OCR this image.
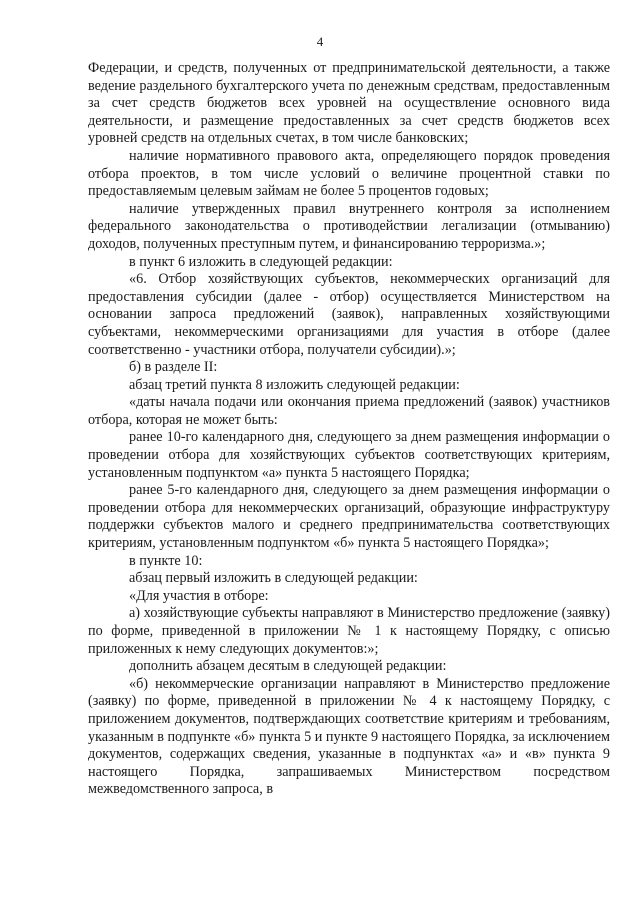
4

Федерации, и средств, полученных от предпринимательской деятельности, а также ведение раздельного бухгалтерского учета по денежным средствам, предоставленным за счет средств бюджетов всех уровней на осуществление основного вида деятельности, и размещение предоставленных за счет средств бюджетов всех уровней средств на отдельных счетах, в том числе банковских;

наличие нормативного правового акта, определяющего порядок проведения отбора проектов, в том числе условий о величине процентной ставки по предоставляемым целевым займам не более 5 процентов годовых;

наличие утвержденных правил внутреннего контроля за исполнением федерального законодательства о противодействии легализации (отмыванию) доходов, полученных преступным путем, и финансированию терроризма.»;

в пункт 6 изложить в следующей редакции:

«6. Отбор хозяйствующих субъектов, некоммерческих организаций для предоставления субсидии (далее - отбор) осуществляется Министерством на основании запроса предложений (заявок), направленных хозяйствующими субъектами, некоммерческими организациями для участия в отборе (далее соответственно - участники отбора, получатели субсидии).»;

б) в разделе II:

абзац третий пункта 8 изложить следующей редакции:

«даты начала подачи или окончания приема предложений (заявок) участников отбора, которая не может быть:

ранее 10-го календарного дня, следующего за днем размещения информации о проведении отбора для хозяйствующих субъектов соответствующих критериям, установленным подпунктом «а» пункта 5 настоящего Порядка;

ранее 5-го календарного дня, следующего за днем размещения информации о проведении отбора для некоммерческих организаций, образующие инфраструктуру поддержки субъектов малого и среднего предпринимательства соответствующих критериям, установленным подпунктом «б» пункта 5 настоящего Порядка»;

в пункте 10:

абзац первый изложить в следующей редакции:

«Для участия в отборе:

а) хозяйствующие субъекты направляют в Министерство предложение (заявку) по форме, приведенной в приложении № 1 к настоящему Порядку, с описью приложенных к нему следующих документов:»;

дополнить абзацем десятым в следующей редакции:

«б) некоммерческие организации направляют в Министерство предложение (заявку) по форме, приведенной в приложении № 4 к настоящему Порядку, с приложением документов, подтверждающих соответствие критериям и требованиям, указанным в подпункте «б» пункта 5 и пункте 9 настоящего Порядка, за исключением документов, содержащих сведения, указанные в подпунктах «а» и «в» пункта 9 настоящего Порядка, запрашиваемых Министерством посредством межведомственного запроса, в
